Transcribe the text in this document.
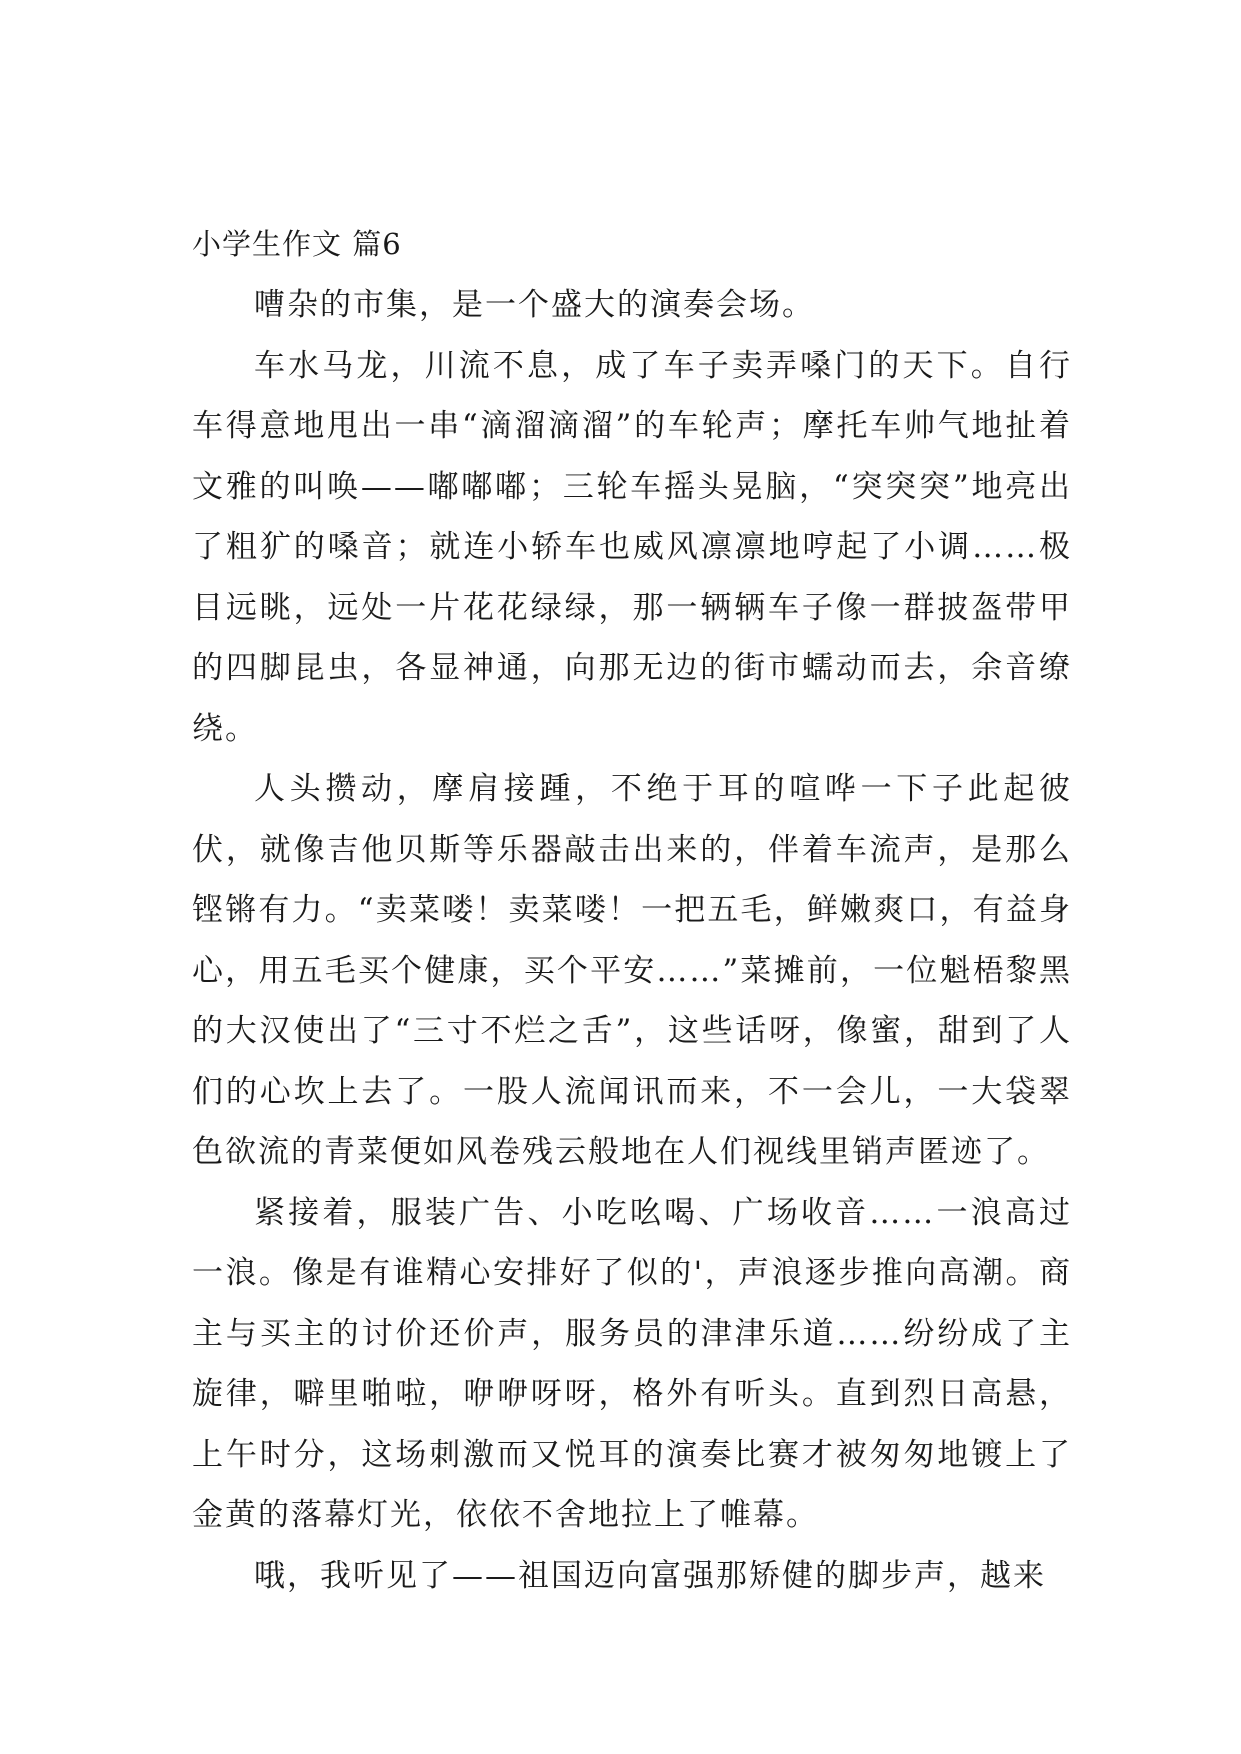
小学生作文 篇6

嘈杂的市集，是一个盛大的演奏会场。

车水马龙，川流不息，成了车子卖弄嗓门的天下。自行车得意地甩出一串“滴溜滴溜”的车轮声；摩托车帅气地扯着文雅的叫唤——嘟嘟嘟；三轮车摇头晃脑，“突突突”地亮出了粗犷的嗓音；就连小轿车也威风凛凛地哼起了小调……极目远眺，远处一片花花绿绿，那一辆辆车子像一群披盔带甲的四脚昆虫，各显神通，向那无边的街市蠕动而去，余音缭绕。

人头攒动，摩肩接踵，不绝于耳的喧哗一下子此起彼伏，就像吉他贝斯等乐器敲击出来的，伴着车流声，是那么铿锵有力。“卖菜喽！卖菜喽！一把五毛，鲜嫩爽口，有益身心，用五毛买个健康，买个平安……”菜摊前，一位魁梧黎黑的大汉使出了“三寸不烂之舌”，这些话呀，像蜜，甜到了人们的心坎上去了。一股人流闻讯而来，不一会儿，一大袋翠色欲流的青菜便如风卷残云般地在人们视线里销声匿迹了。

紧接着，服装广告、小吃吆喝、广场收音……一浪高过一浪。像是有谁精心安排好了似的'，声浪逐步推向高潮。商主与买主的讨价还价声，服务员的津津乐道……纷纷成了主旋律，噼里啪啦，咿咿呀呀，格外有听头。直到烈日高悬，上午时分，这场刺激而又悦耳的演奏比赛才被匆匆地镀上了金黄的落幕灯光，依依不舍地拉上了帷幕。

哦，我听见了——祖国迈向富强那矫健的脚步声，越来
